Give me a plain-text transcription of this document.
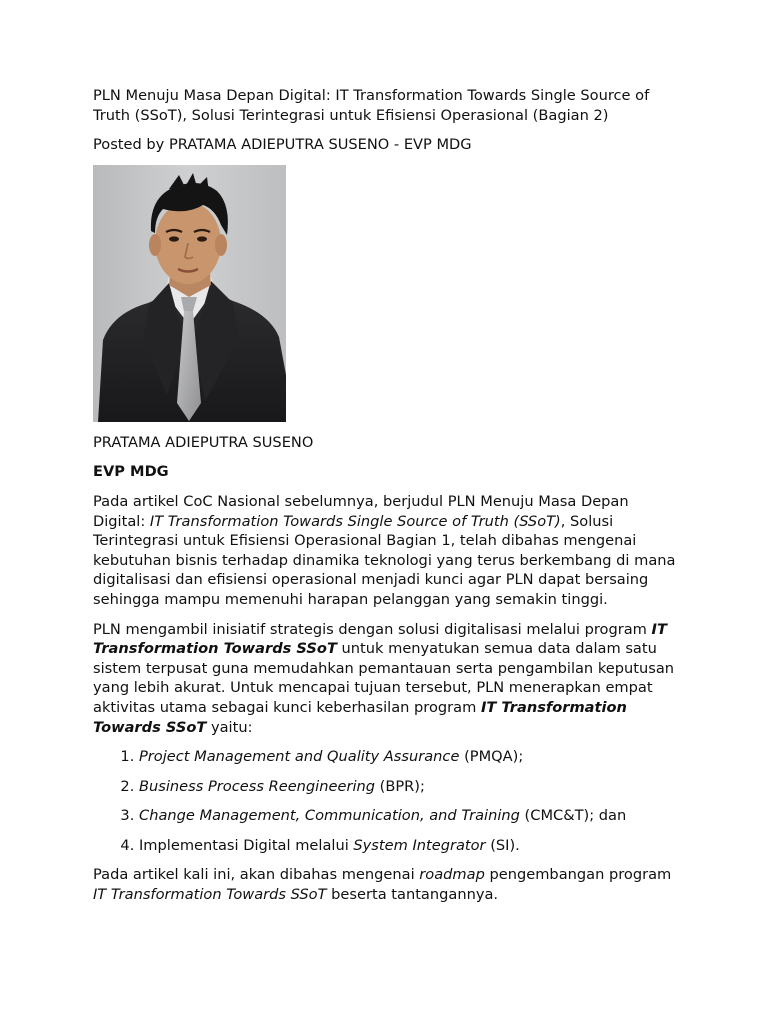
PLN Menuju Masa Depan Digital: IT Transformation Towards Single Source of Truth (SSoT), Solusi Terintegrasi untuk Efisiensi Operasional (Bagian 2)

Posted by PRATAMA ADIEPUTRA SUSENO - EVP MDG

PRATAMA ADIEPUTRA SUSENO

EVP MDG

Pada artikel CoC Nasional sebelumnya, berjudul PLN Menuju Masa Depan Digital: IT Transformation Towards Single Source of Truth (SSoT), Solusi Terintegrasi untuk Efisiensi Operasional Bagian 1, telah dibahas mengenai kebutuhan bisnis terhadap dinamika teknologi yang terus berkembang di mana digitalisasi dan efisiensi operasional menjadi kunci agar PLN dapat bersaing sehingga mampu memenuhi harapan pelanggan yang semakin tinggi.

PLN mengambil inisiatif strategis dengan solusi digitalisasi melalui program IT Transformation Towards SSoT untuk menyatukan semua data dalam satu sistem terpusat guna memudahkan pemantauan serta pengambilan keputusan yang lebih akurat. Untuk mencapai tujuan tersebut, PLN menerapkan empat aktivitas utama sebagai kunci keberhasilan program IT Transformation Towards SSoT yaitu:

1. Project Management and Quality Assurance (PMQA);
2. Business Process Reengineering (BPR);
3. Change Management, Communication, and Training (CMC&T); dan
4. Implementasi Digital melalui System Integrator (SI).

Pada artikel kali ini, akan dibahas mengenai roadmap pengembangan program IT Transformation Towards SSoT beserta tantangannya.
